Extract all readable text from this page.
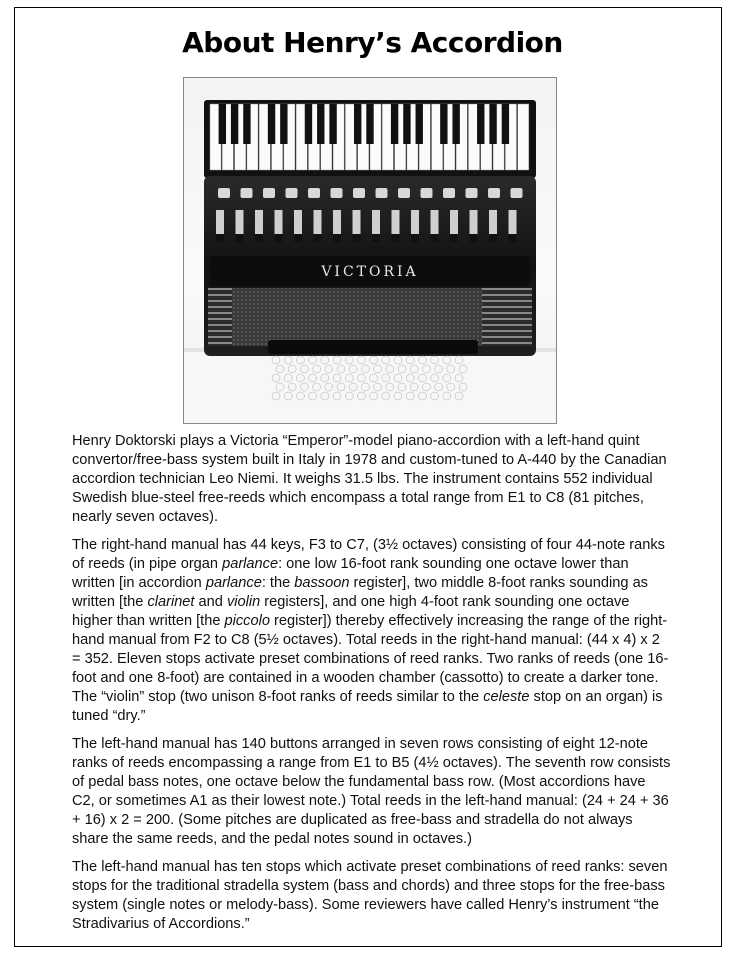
About Henry’s Accordion
VICTORIA

Henry Doktorski plays a Victoria “Emperor”-model piano-accordion with a left-hand quint convertor/free-bass system built in Italy in 1978 and custom-tuned to A-440 by the Canadian accordion technician Leo Niemi. It weighs 31.5 lbs. The instrument contains 552 individual Swedish blue-steel free-reeds which encompass a total range from E1 to C8 (81 pitches, nearly seven octaves).

The right-hand manual has 44 keys, F3 to C7, (3½ octaves) consisting of four 44-note ranks of reeds (in pipe organ parlance: one low 16-foot rank sounding one octave lower than written [in accordion parlance: the bassoon register], two middle 8-foot ranks sounding as written [the clarinet and violin registers], and one high 4-foot rank sounding one octave higher than written [the piccolo register]) thereby effectively increasing the range of the right-hand manual from F2 to C8 (5½ octaves). Total reeds in the right-hand manual: (44 x 4) x 2 = 352. Eleven stops activate preset combinations of reed ranks. Two ranks of reeds (one 16-foot and one 8-foot) are contained in a wooden chamber (cassotto) to create a darker tone. The “violin” stop (two unison 8-foot ranks of reeds similar to the celeste stop on an organ) is tuned “dry.”

The left-hand manual has 140 buttons arranged in seven rows consisting of eight 12-note ranks of reeds encompassing a range from E1 to B5 (4½ octaves). The seventh row consists of pedal bass notes, one octave below the fundamental bass row. (Most accordions have C2, or sometimes A1 as their lowest note.) Total reeds in the left-hand manual: (24 + 24 + 36 + 16) x 2 = 200. (Some pitches are duplicated as free-bass and stradella do not always share the same reeds, and the pedal notes sound in octaves.)

The left-hand manual has ten stops which activate preset combinations of reed ranks: seven stops for the traditional stradella system (bass and chords) and three stops for the free-bass system (single notes or melody-bass). Some reviewers have called Henry’s instrument “the Stradivarius of Accordions.”
